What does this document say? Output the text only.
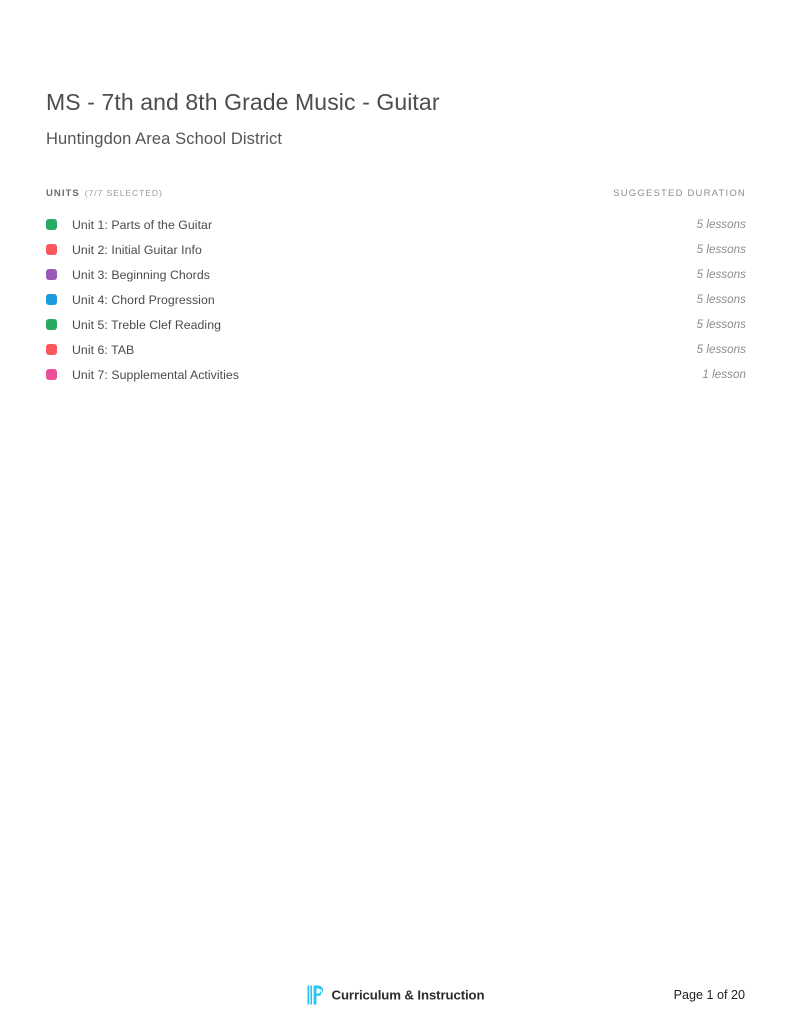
MS - 7th and 8th Grade Music - Guitar
Huntingdon Area School District
UNITS (7/7 SELECTED)	SUGGESTED DURATION
Unit 1: Parts of the Guitar	5 lessons
Unit 2: Initial Guitar Info	5 lessons
Unit 3: Beginning Chords	5 lessons
Unit 4: Chord Progression	5 lessons
Unit 5: Treble Clef Reading	5 lessons
Unit 6: TAB	5 lessons
Unit 7: Supplemental Activities	1 lesson
Curriculum & Instruction	Page 1 of 20
